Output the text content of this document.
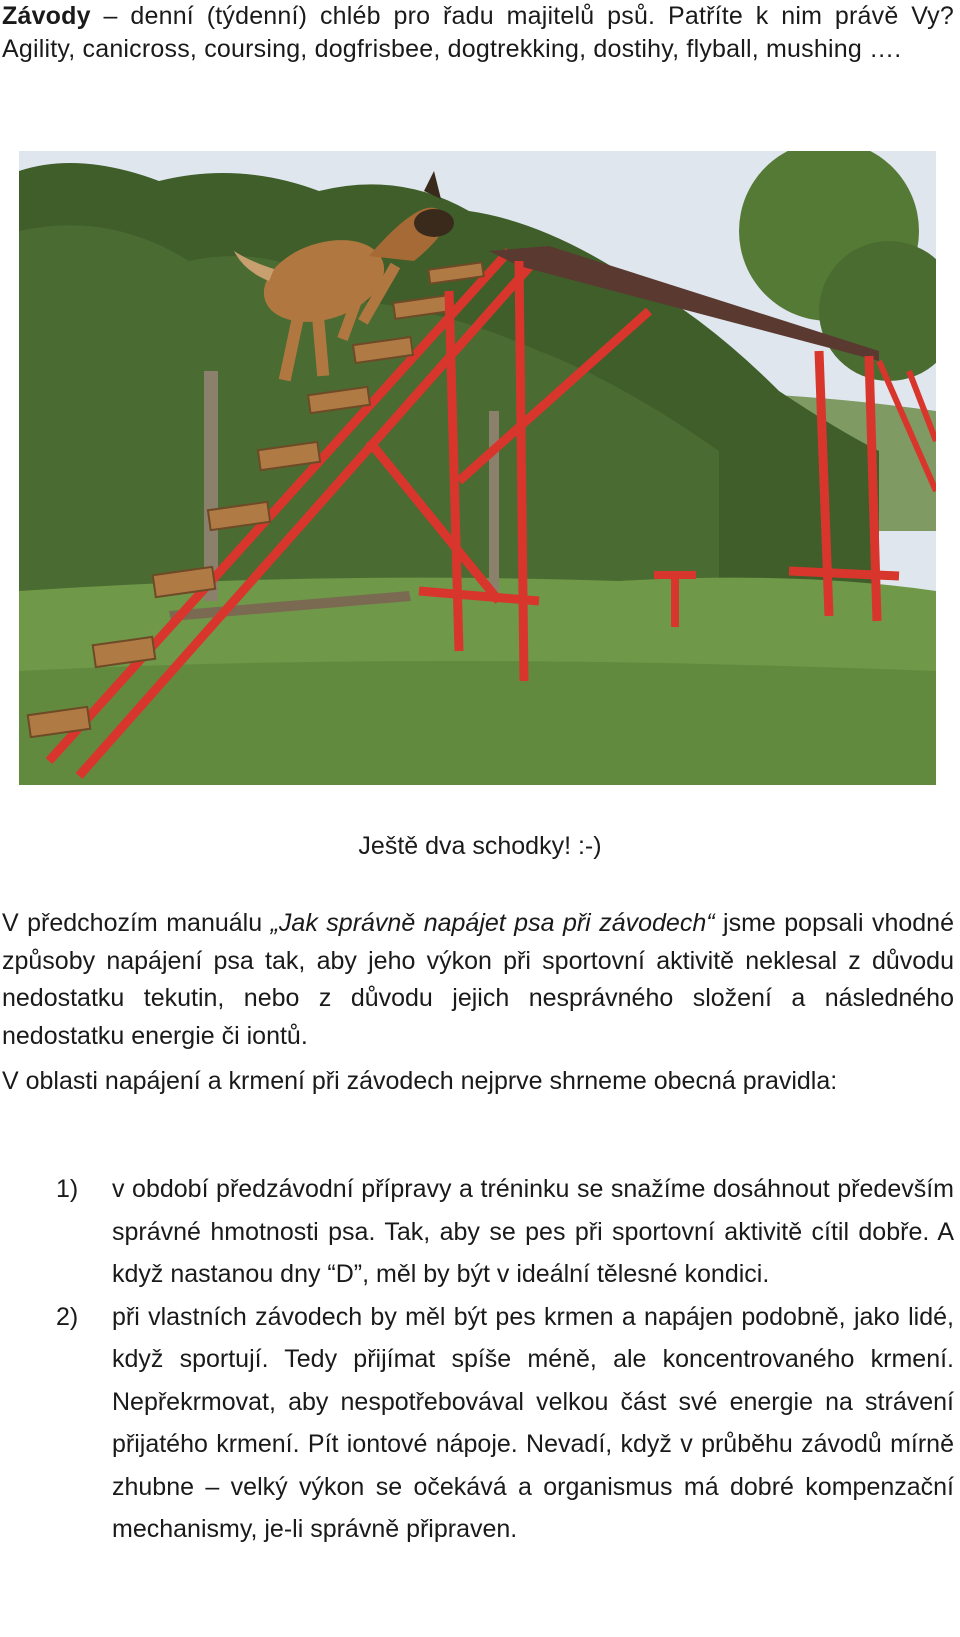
Závody – denní (týdenní) chléb pro řadu majitelů psů. Patříte k nim právě Vy? Agility, canicross, coursing, dogfrisbee, dogtrekking, dostihy, flyball, mushing ….
Ještě dva schodky! :-)
V předchozím manuálu „Jak správně napájet psa při závodech“ jsme popsali vhodné způsoby napájení psa tak, aby jeho výkon při sportovní aktivitě neklesal z důvodu nedostatku tekutin, nebo z důvodu jejich nesprávného složení a následného nedostatku energie či iontů.
V oblasti napájení a krmení při závodech nejprve shrneme obecná pravidla:
1) v období předzávodní přípravy a tréninku se snažíme dosáhnout především správné hmotnosti psa. Tak, aby se pes při sportovní aktivitě cítil dobře. A když nastanou dny “D”, měl by být v ideální tělesné kondici.
2) při vlastních závodech by měl být pes krmen a napájen podobně, jako lidé, když sportují. Tedy přijímat spíše méně, ale koncentrovaného krmení. Nepřekrmovat, aby nespotřebovával velkou část své energie na strávení přijatého krmení. Pít iontové nápoje. Nevadí, když v průběhu závodů mírně zhubne – velký výkon se očekává a organismus má dobré kompenzační mechanismy, je-li správně připraven.
